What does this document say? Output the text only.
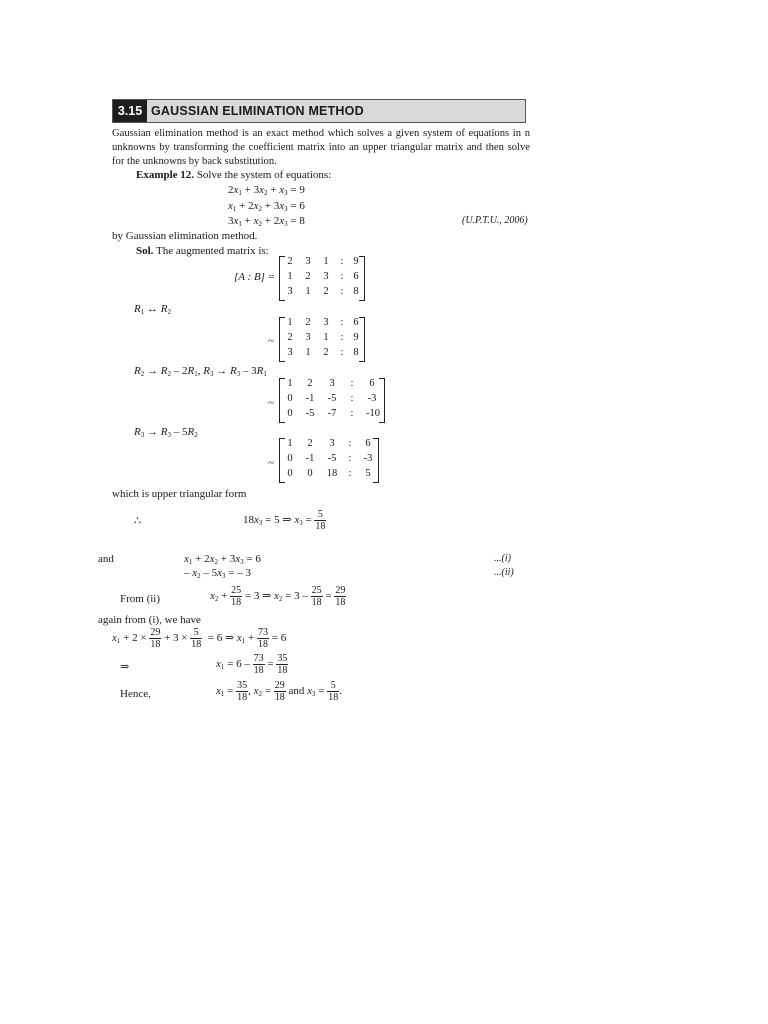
3.15 GAUSSIAN ELIMINATION METHOD
Gaussian elimination method is an exact method which solves a given system of equations in n unknowns by transforming the coefficient matrix into an upper triangular matrix and then solve for the unknowns by back substitution.
Example 12. Solve the system of equations:
$2x_1 + 3x_2 + x_3 = 9$
$x_1 + 2x_2 + 3x_3 = 6$
$3x_1 + x_2 + 2x_3 = 8$	(U.P.T.U., 2006)
by Gaussian elimination method.
Sol. The augmented matrix is:
[A : B] =
2	3	1	: 9
1	2	3	: 6
3	1	2	: 8
$R_1$ ↔ $R_2$
~
1	2	3	: 6
2	3	1	: 9
3	1	2	: 8
$R_2 \to R_2 - 2R_1$, $R_3 \to R_3 - 3R_1$
~
1	2	3	:	6
0	-1 -5	:	-3
0	-5 -7	:	-10
$R_3 \to R_3 - 5R_2$
~
1	2	3	:	6
0	-1 -5	:	-3
0	0	18	:	5
which is upper triangular form
∴	$18x_3 = 5$ ⇒ $x_3 = \frac{5}{18}$
and	$x_1 + 2x_2 + 3x_3 = 6$
– $x_2 - 5x_3$ = – 3
...(i)
...(ii)
From (ii)	$x_2 + \frac{25}{18} = 3$ ⇒ $x_2 = 3 - \frac{25}{18} = \frac{29}{18}$
again from (i), we have
$x_1 + 2 \times \frac{29}{18} + 3 \times \frac{5}{18} = 6$ ⇒ $x_1 + \frac{73}{18} = 6$
⇒	$x_1 = 6 - \frac{73}{18} = \frac{35}{18}$
Hence,	$x_1 = \frac{35}{18}$ , $x_2 = \frac{29}{18}$ and $x_3 = \frac{5}{18}$ .
